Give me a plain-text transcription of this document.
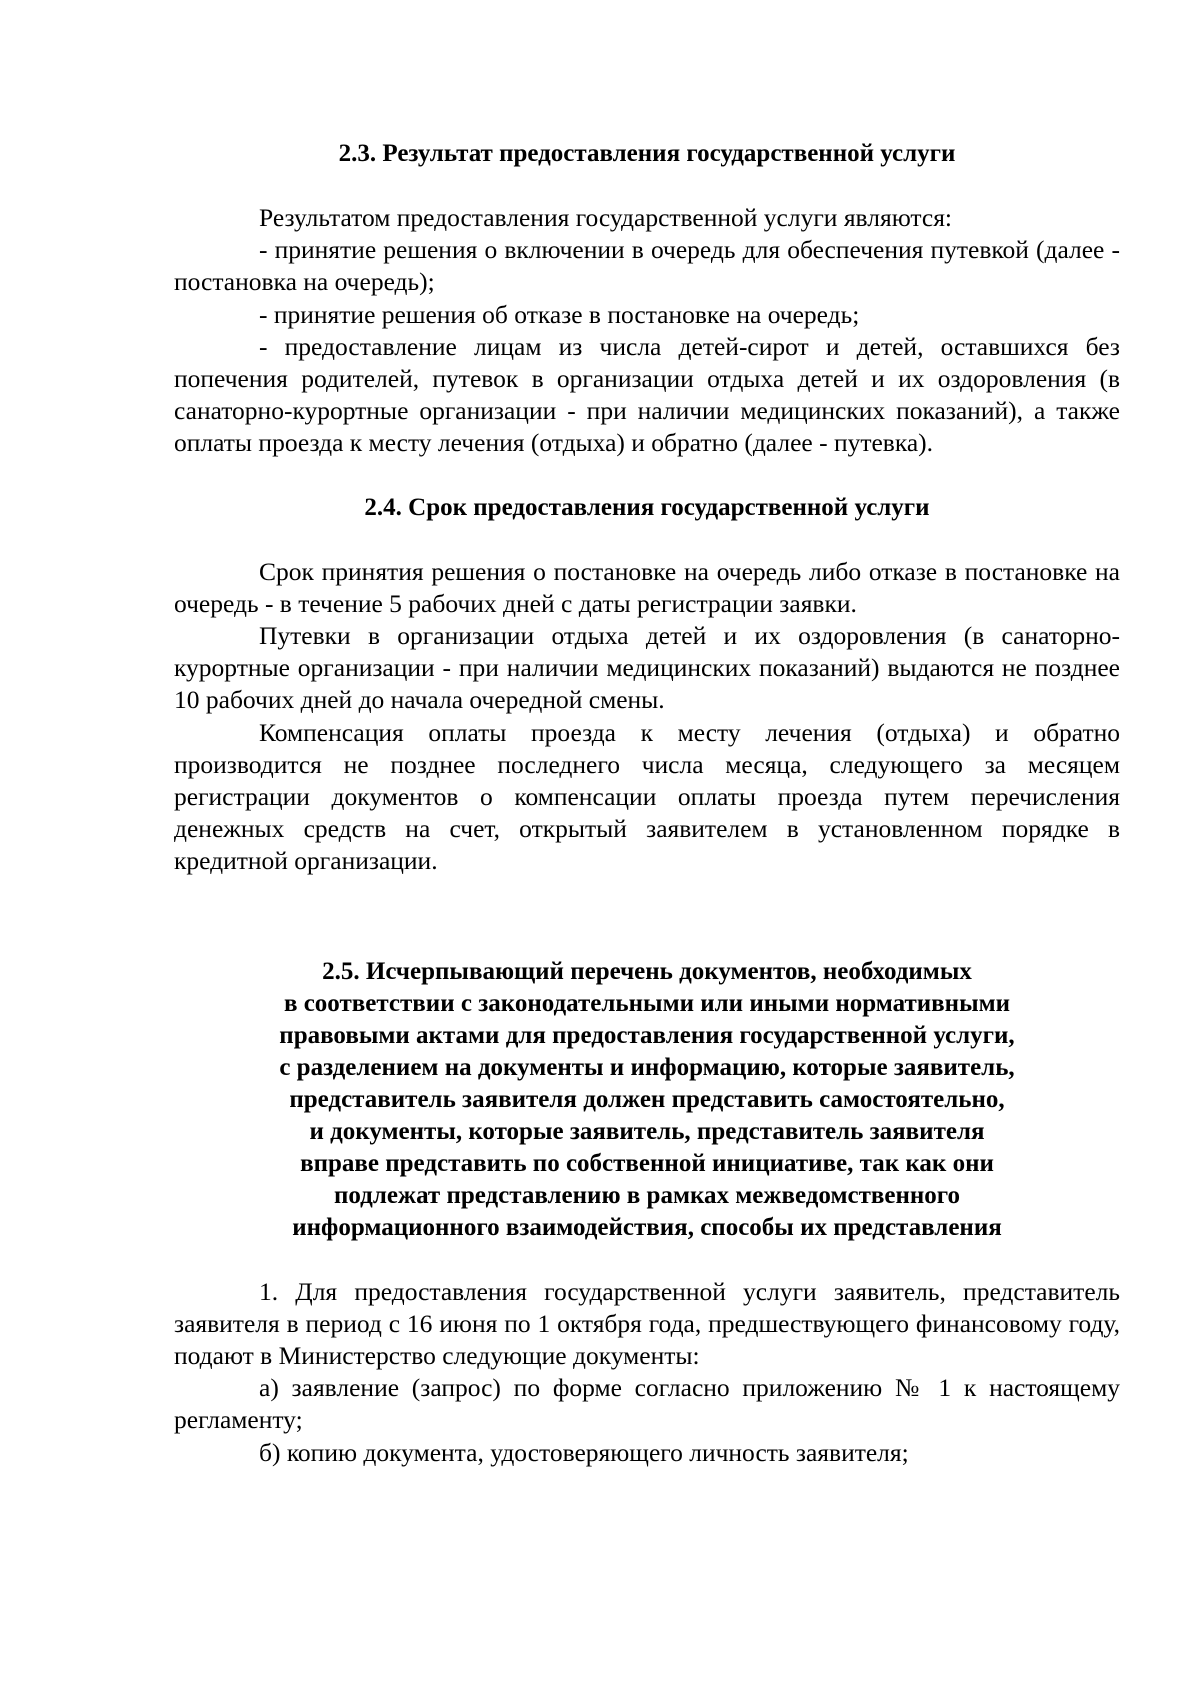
2.3. Результат предоставления государственной услуги

Результатом предоставления государственной услуги являются:

- принятие решения о включении в очередь для обеспечения путевкой (далее - постановка на очередь);

- принятие решения об отказе в постановке на очередь;

- предоставление лицам из числа детей-сирот и детей, оставшихся без попечения родителей, путевок в организации отдыха детей и их оздоровления (в санаторно-курортные организации - при наличии медицинских показаний), а также оплаты проезда к месту лечения (отдыха) и обратно (далее - путевка).

2.4. Срок предоставления государственной услуги

Срок принятия решения о постановке на очередь либо отказе в постановке на очередь - в течение 5 рабочих дней с даты регистрации заявки.

Путевки в организации отдыха детей и их оздоровления (в санаторно-курортные организации - при наличии медицинских показаний) выдаются не позднее 10 рабочих дней до начала очередной смены.

Компенсация оплаты проезда к месту лечения (отдыха) и обратно производится не позднее последнего числа месяца, следующего за месяцем регистрации документов о компенсации оплаты проезда путем перечисления денежных средств на счет, открытый заявителем в установленном порядке в кредитной организации.

2.5. Исчерпывающий перечень документов, необходимых
в соответствии с законодательными или иными нормативными
правовыми актами для предоставления государственной услуги,
с разделением на документы и информацию, которые заявитель,
представитель заявителя должен представить самостоятельно,
и документы, которые заявитель, представитель заявителя
вправе представить по собственной инициативе, так как они
подлежат представлению в рамках межведомственного
информационного взаимодействия, способы их представления

1. Для предоставления государственной услуги заявитель, представитель заявителя в период с 16 июня по 1 октября года, предшествующего финансовому году, подают в Министерство следующие документы:

а) заявление (запрос) по форме согласно приложению № 1 к настоящему регламенту;

б) копию документа, удостоверяющего личность заявителя;
